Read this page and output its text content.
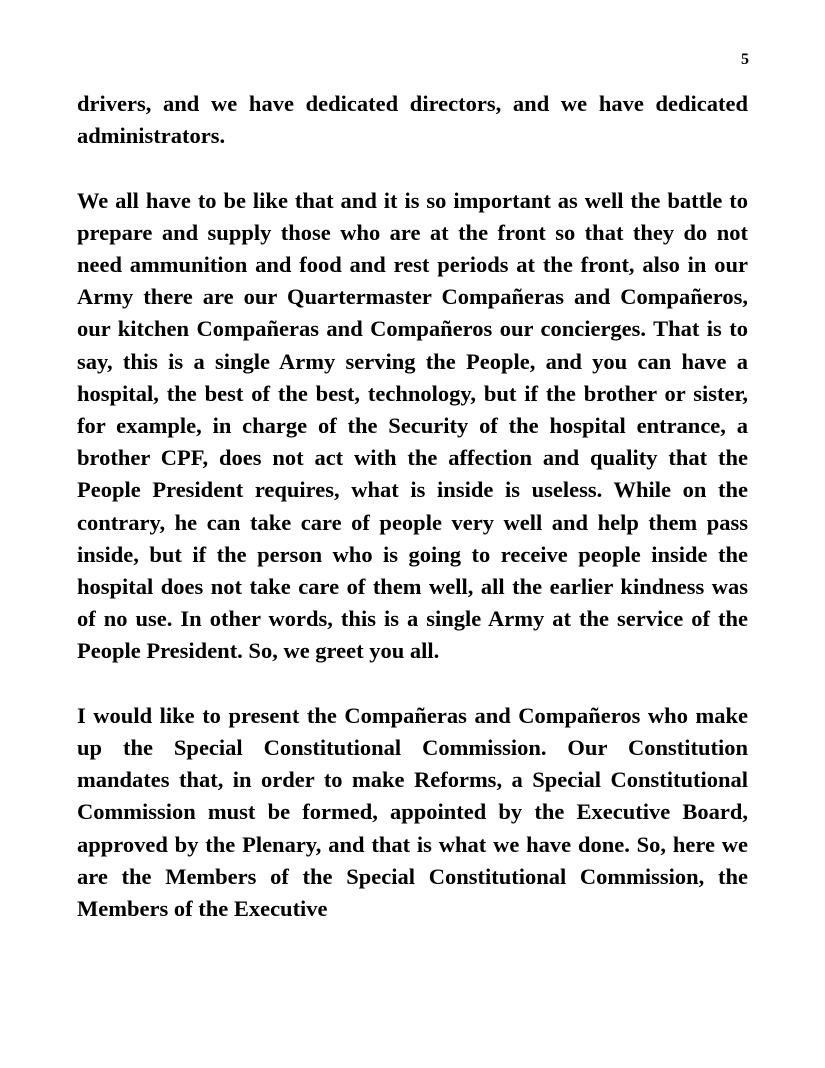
5

drivers, and we have dedicated directors, and we have dedicated administrators.

We all have to be like that and it is so important as well the battle to prepare and supply those who are at the front so that they do not need ammunition and food and rest periods at the front, also in our Army there are our Quartermaster Compañeras and Compañeros, our kitchen Compañeras and Compañeros our concierges. That is to say, this is a single Army serving the People, and you can have a hospital, the best of the best, technology, but if the brother or sister, for example, in charge of the Security of the hospital entrance, a brother CPF, does not act with the affection and quality that the People President requires, what is inside is useless. While on the contrary, he can take care of people very well and help them pass inside, but if the person who is going to receive people inside the hospital does not take care of them well, all the earlier kindness was of no use. In other words, this is a single Army at the service of the People President. So, we greet you all.

I would like to present the Compañeras and Compañeros who make up the Special Constitutional Commission. Our Constitution mandates that, in order to make Reforms, a Special Constitutional Commission must be formed, appointed by the Executive Board, approved by the Plenary, and that is what we have done. So, here we are the Members of the Special Constitutional Commission, the Members of the Executive
